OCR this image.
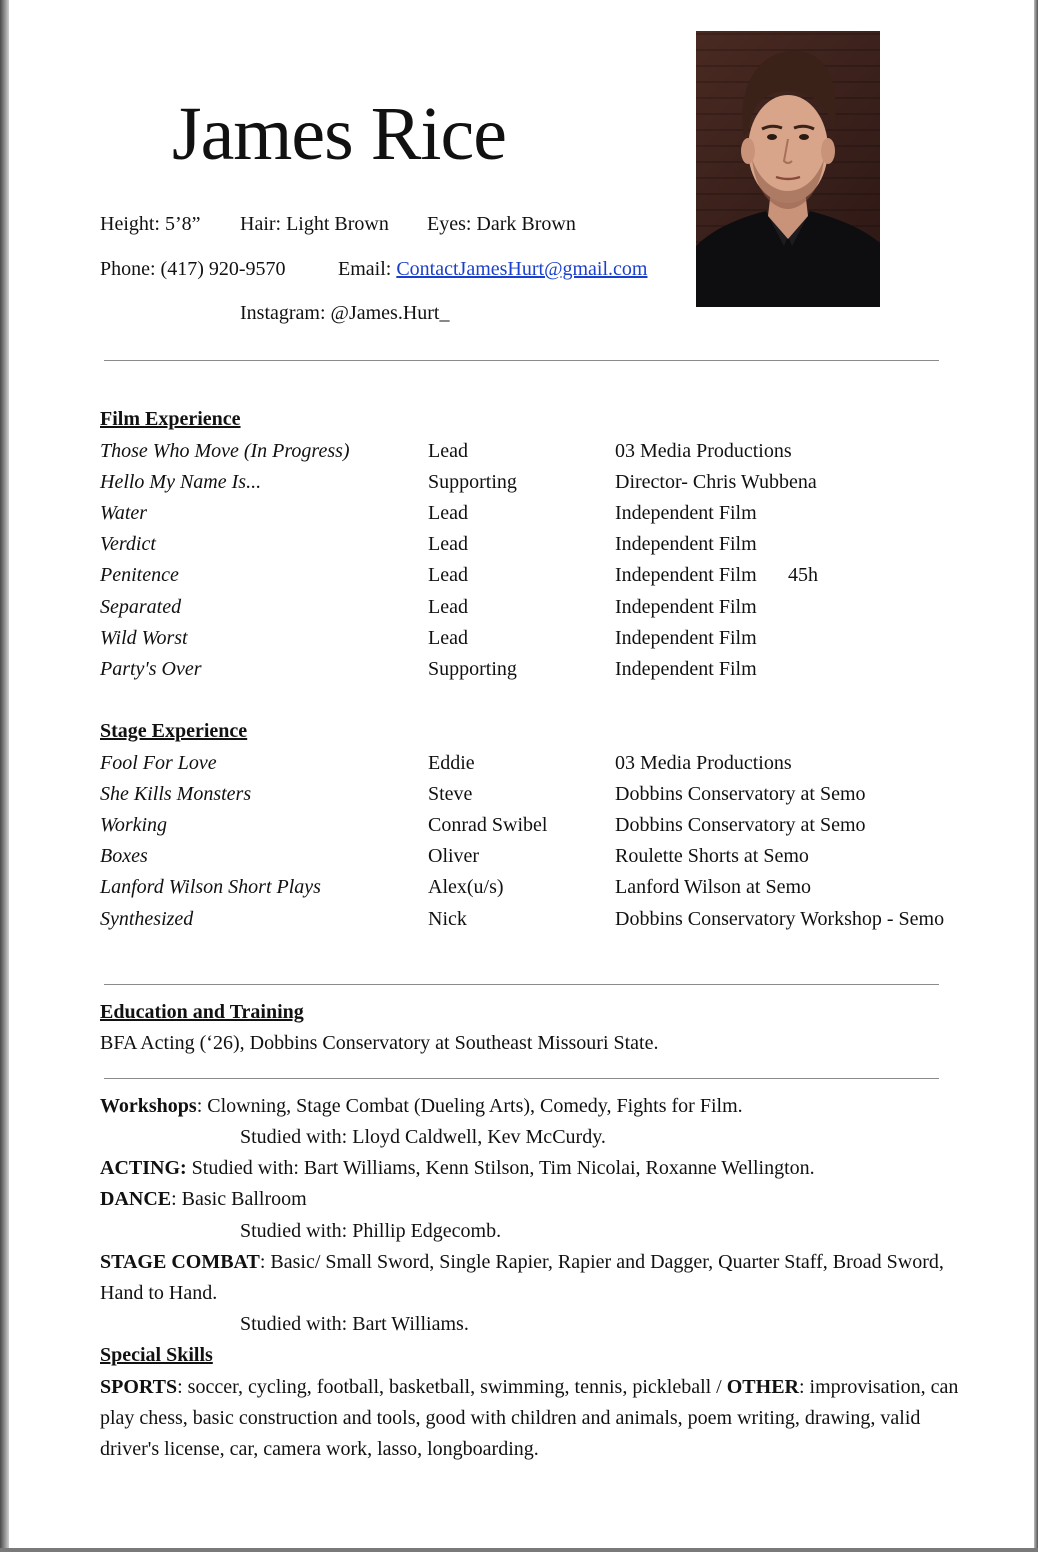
James Rice
Height: 5’8” Hair: Light Brown Eyes: Dark Brown
Phone: (417) 920-9570	Email: ContactJamesHurt@gmail.com
Instagram: @James.Hurt_
Film Experience
Those Who Move (In Progress)	Lead	03 Media Productions
Hello My Name Is...	Supporting	Director- Chris Wubbena
Water	Lead	Independent Film
Verdict	Lead	Independent Film
Penitence	Lead	Independent Film 45h
Separated	Lead	Independent Film
Wild Worst	Lead	Independent Film
Party's Over	Supporting	Independent Film
Stage Experience
Fool For Love	Eddie	03 Media Productions
She Kills Monsters	Steve	Dobbins Conservatory at Semo
Working	Conrad Swibel	Dobbins Conservatory at Semo
Boxes	Oliver	Roulette Shorts at Semo
Lanford Wilson Short Plays	Alex(u/s)	Lanford Wilson at Semo
Synthesized	Nick	Dobbins Conservatory Workshop - Semo
Education and Training
BFA Acting (‘26), Dobbins Conservatory at Southeast Missouri State.
Workshops: Clowning, Stage Combat (Dueling Arts), Comedy, Fights for Film.
Studied with: Lloyd Caldwell, Kev McCurdy.
ACTING: Studied with: Bart Williams, Kenn Stilson, Tim Nicolai, Roxanne Wellington.
DANCE: Basic Ballroom
Studied with: Phillip Edgecomb.
STAGE COMBAT: Basic/ Small Sword, Single Rapier, Rapier and Dagger, Quarter Staff, Broad Sword,
Hand to Hand.
Studied with: Bart Williams.
Special Skills
SPORTS: soccer, cycling, football, basketball, swimming, tennis, pickleball / OTHER: improvisation, can
play chess, basic construction and tools, good with children and animals, poem writing, drawing, valid
driver's license, car, camera work, lasso, longboarding.
